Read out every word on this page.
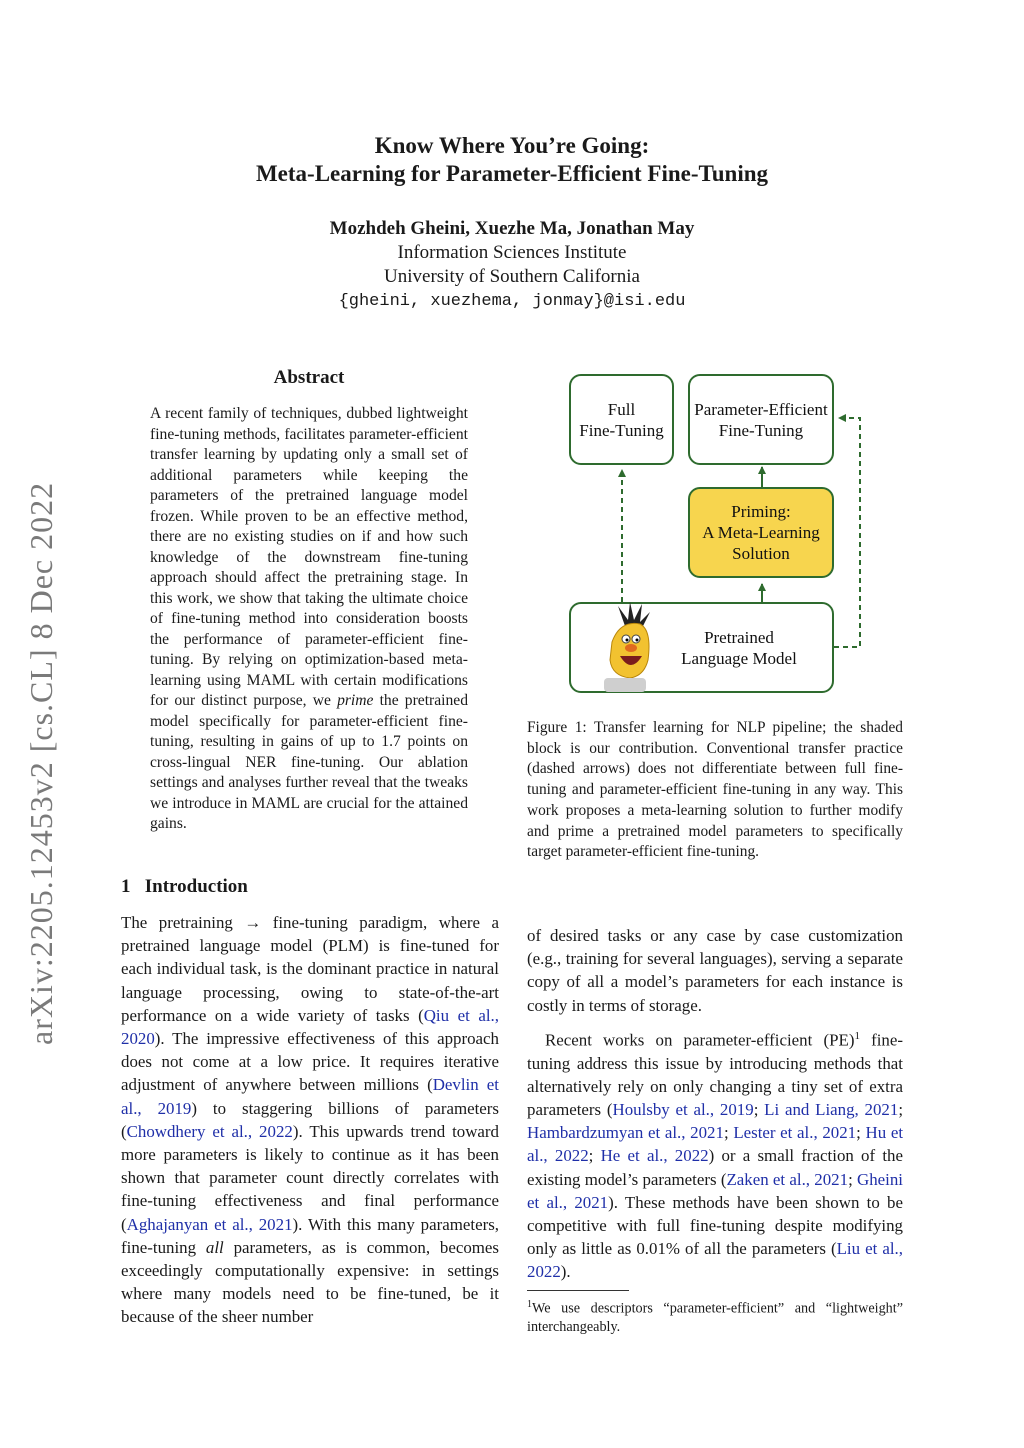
arXiv:2205.12453v2 [cs.CL] 8 Dec 2022
Know Where You’re Going:
Meta-Learning for Parameter-Efficient Fine-Tuning
Mozhdeh Gheini, Xuezhe Ma, Jonathan May
Information Sciences Institute
University of Southern California
{gheini, xuezhema, jonmay}@isi.edu
Abstract
A recent family of techniques, dubbed lightweight fine-tuning methods, facilitates parameter-efficient transfer learning by updating only a small set of additional parameters while keeping the parameters of the pretrained language model frozen. While proven to be an effective method, there are no existing studies on if and how such knowledge of the downstream fine-tuning approach should affect the pretraining stage. In this work, we show that taking the ultimate choice of fine-tuning method into consideration boosts the performance of parameter-efficient fine-tuning. By relying on optimization-based meta-learning using MAML with certain modifications for our distinct purpose, we prime the pretrained model specifically for parameter-efficient fine-tuning, resulting in gains of up to 1.7 points on cross-lingual NER fine-tuning. Our ablation settings and analyses further reveal that the tweaks we introduce in MAML are crucial for the attained gains.
1   Introduction

The pretraining → fine-tuning paradigm, where a pretrained language model (PLM) is fine-tuned for each individual task, is the dominant practice in natural language processing, owing to state-of-the-art performance on a wide variety of tasks (Qiu et al., 2020). The impressive effectiveness of this approach does not come at a low price. It requires iterative adjustment of anywhere between millions (Devlin et al., 2019) to staggering billions of parameters (Chowdhery et al., 2022). This upwards trend toward more parameters is likely to continue as it has been shown that parameter count directly correlates with fine-tuning effectiveness and final performance (Aghajanyan et al., 2021). With this many parameters, fine-tuning all parameters, as is common, becomes exceedingly computationally expensive: in settings where many models need to be fine-tuned, be it because of the sheer number

Full
Fine-Tuning
Parameter-Efficient
Fine-Tuning
Priming:
A Meta-Learning
Solution
Pretrained
Language Model
Figure 1: Transfer learning for NLP pipeline; the shaded block is our contribution. Conventional transfer practice (dashed arrows) does not differentiate between full fine-tuning and parameter-efficient fine-tuning in any way. This work proposes a meta-learning solution to further modify and prime a pretrained model parameters to specifically target parameter-efficient fine-tuning.

of desired tasks or any case by case customization (e.g., training for several languages), serving a separate copy of all a model’s parameters for each instance is costly in terms of storage.

Recent works on parameter-efficient (PE)$^1$ fine-tuning address this issue by introducing methods that alternatively rely on only changing a tiny set of extra parameters (Houlsby et al., 2019; Li and Liang, 2021; Hambardzumyan et al., 2021; Lester et al., 2021; Hu et al., 2022; He et al., 2022) or a small fraction of the existing model’s parameters (Zaken et al., 2021; Gheini et al., 2021). These methods have been shown to be competitive with full fine-tuning despite modifying only as little as 0.01% of all the parameters (Liu et al., 2022).

$^1$We use descriptors “parameter-efficient” and “lightweight” interchangeably.
